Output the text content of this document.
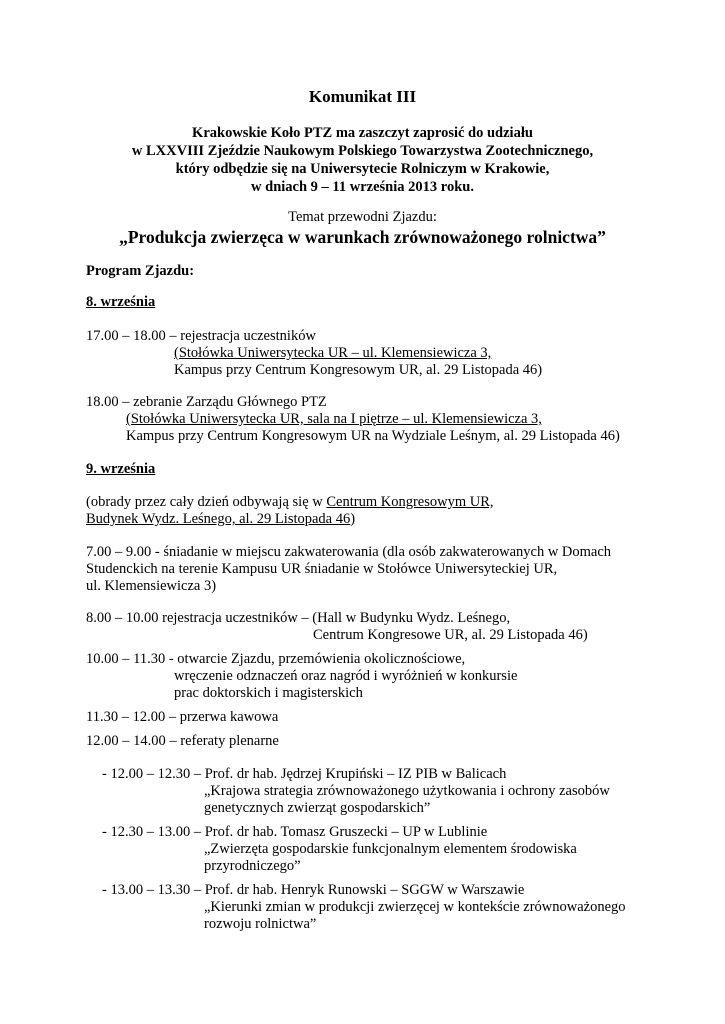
Komunikat III
Krakowskie Koło PTZ ma zaszczyt zaprosić do udziału
w LXXVIII Zjeździe Naukowym Polskiego Towarzystwa Zootechnicznego,
który odbędzie się na Uniwersytecie Rolniczym w Krakowie,
w dniach 9 – 11 września 2013 roku.
Temat przewodni Zjazdu:
„Produkcja zwierzęca w warunkach zrównoważonego rolnictwa”
Program Zjazdu:
8. września
17.00 – 18.00 – rejestracja uczestników
(Stołówka Uniwersytecka UR – ul. Klemensiewicza 3,
Kampus przy Centrum Kongresowym UR, al. 29 Listopada 46)
18.00 – zebranie Zarządu Głównego PTZ
(Stołówka Uniwersytecka UR, sala na I piętrze – ul. Klemensiewicza 3,
Kampus przy Centrum Kongresowym UR na Wydziale Leśnym, al. 29 Listopada 46)
9. września
(obrady przez cały dzień odbywają się w Centrum Kongresowym UR,
Budynek Wydz. Leśnego, al. 29 Listopada 46)
7.00 – 9.00 - śniadanie w miejscu zakwaterowania (dla osób zakwaterowanych w Domach
Studenckich na terenie Kampusu UR śniadanie w Stołówce Uniwersyteckiej UR,
ul. Klemensiewicza 3)
8.00 – 10.00 rejestracja uczestników – (Hall w Budynku Wydz. Leśnego,
Centrum Kongresowe UR, al. 29 Listopada 46)
10.00 – 11.30 - otwarcie Zjazdu, przemówienia okolicznościowe,
wręczenie odznaczeń oraz nagród i wyróżnień w konkursie
prac doktorskich i magisterskich
11.30 – 12.00 – przerwa kawowa
12.00 – 14.00 – referaty plenarne
- 12.00 – 12.30 – Prof. dr hab. Jędrzej Krupiński – IZ PIB w Balicach
„Krajowa strategia zrównoważonego użytkowania i ochrony zasobów
genetycznych zwierząt gospodarskich”
- 12.30 – 13.00 – Prof. dr hab. Tomasz Gruszecki – UP w Lublinie
„Zwierzęta gospodarskie funkcjonalnym elementem środowiska
przyrodniczego”
- 13.00 – 13.30 – Prof. dr hab. Henryk Runowski – SGGW w Warszawie
„Kierunki zmian w produkcji zwierzęcej w kontekście zrównoważonego
rozwoju rolnictwa”
